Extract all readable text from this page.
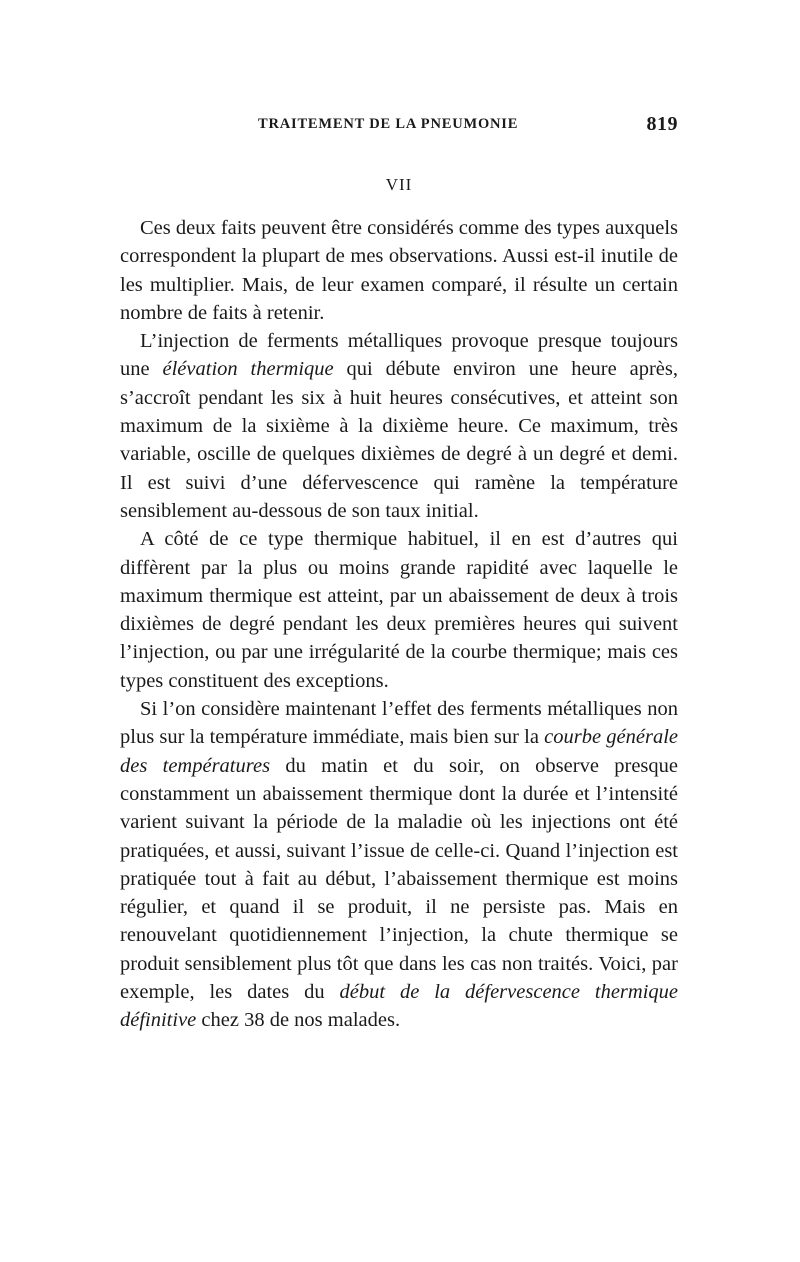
TRAITEMENT DE LA PNEUMONIE	819
VII

Ces deux faits peuvent être considérés comme des types auxquels correspondent la plupart de mes observations. Aussi est-il inutile de les multiplier. Mais, de leur examen comparé, il résulte un certain nombre de faits à retenir.

L’injection de ferments métalliques provoque presque toujours une élévation thermique qui débute environ une heure après, s’accroît pendant les six à huit heures consécutives, et atteint son maximum de la sixième à la dixième heure. Ce maximum, très variable, oscille de quelques dixièmes de degré à un degré et demi. Il est suivi d’une défervescence qui ramène la température sensiblement au-dessous de son taux initial.

A côté de ce type thermique habituel, il en est d’autres qui diffèrent par la plus ou moins grande rapidité avec laquelle le maximum thermique est atteint, par un abaissement de deux à trois dixièmes de degré pendant les deux premières heures qui suivent l’injection, ou par une irrégularité de la courbe thermique; mais ces types constituent des exceptions.

Si l’on considère maintenant l’effet des ferments métalliques non plus sur la température immédiate, mais bien sur la courbe générale des températures du matin et du soir, on observe presque constamment un abaissement thermique dont la durée et l’intensité varient suivant la période de la maladie où les injections ont été pratiquées, et aussi, suivant l’issue de celle-ci. Quand l’injection est pratiquée tout à fait au début, l’abaissement thermique est moins régulier, et quand il se produit, il ne persiste pas. Mais en renouvelant quotidiennement l’injection, la chute thermique se produit sensiblement plus tôt que dans les cas non traités. Voici, par exemple, les dates du début de la défervescence thermique définitive chez 38 de nos malades.
